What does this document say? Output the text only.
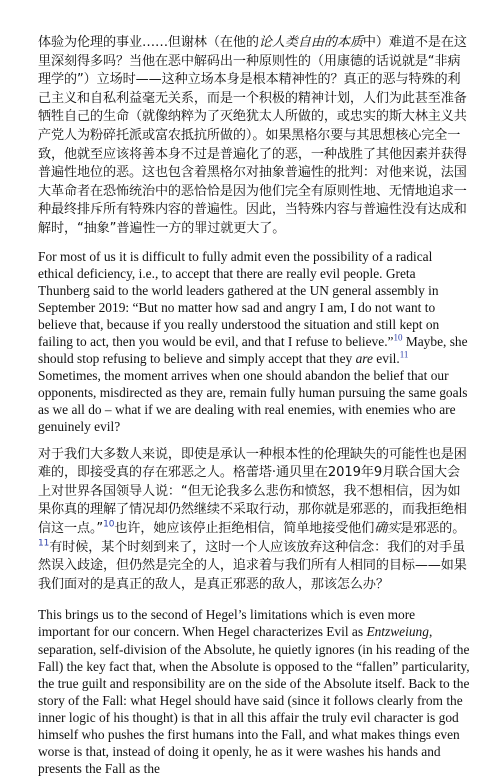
体验为伦理的事业……但谢林（在他的论人类自由的本质中）难道不是在这里深刻得多吗？当他在恶中解码出一种原则性的（用康德的话说就是“非病理学的”）立场时——这种立场本身是根本精神性的？真正的恶与特殊的利己主义和自私利益毫无关系，而是一个积极的精神计划，人们为此甚至准备牺牲自己的生命（就像纳粹为了灭绝犹太人所做的，或忠实的斯大林主义共产党人为粉碎托派或富农抵抗所做的）。如果黑格尔要与其思想核心完全一致，他就至应该将善本身不过是普遍化了的恶，一种战胜了其他因素并获得普遍性地位的恶。这也包含着黑格尔对抽象普遍性的批判：对他来说，法国大革命者在恐怖统治中的恶恰恰是因为他们完全有原则性地、无情地追求一种最终排斥所有特殊内容的普遍性。因此，当特殊内容与普遍性没有达成和解时，“抽象”普遍性一方的罪过就更大了。

For most of us it is difficult to fully admit even the possibility of a radical ethical deficiency, i.e., to accept that there are really evil people. Greta Thunberg said to the world leaders gathered at the UN general assembly in September 2019: “But no matter how sad and angry I am, I do not want to believe that, because if you really understood the situation and still kept on failing to act, then you would be evil, and that I refuse to believe.”$^{10}$ Maybe, she should stop refusing to believe and simply accept that they are evil.$^{11}$ Sometimes, the moment arrives when one should abandon the belief that our opponents, misdirected as they are, remain fully human pursuing the same goals as we all do – what if we are dealing with real enemies, with enemies who are genuinely evil?

对于我们大多数人来说，即使是承认一种根本性的伦理缺失的可能性也是困难的，即接受真的存在邪恶之人。格蕾塔·通贝里在2019年9月联合国大会上对世界各国领导人说：“但无论我多么悲伤和愤怒，我不想相信，因为如果你真的理解了情况却仍然继续不采取行动，那你就是邪恶的，而我拒绝相信这一点。”$^{10}$也许，她应该停止拒绝相信，简单地接受他们确实是邪恶的。$^{11}$有时候，某个时刻到来了，这时一个人应该放弃这种信念：我们的对手虽然误入歧途，但仍然是完全的人，追求着与我们所有人相同的目标——如果我们面对的是真正的敌人，是真正邪恶的敌人，那该怎么办？

This brings us to the second of Hegel’s limitations which is even more important for our concern. When Hegel characterizes Evil as Entzweiung, separation, self-division of the Absolute, he quietly ignores (in his reading of the Fall) the key fact that, when the Absolute is opposed to the “fallen” particularity, the true guilt and responsibility are on the side of the Absolute itself. Back to the story of the Fall: what Hegel should have said (since it follows clearly from the inner logic of his thought) is that in all this affair the truly evil character is god himself who pushes the first humans into the Fall, and what makes things even worse is that, instead of doing it openly, he as it were washes his hands and presents the Fall as the
